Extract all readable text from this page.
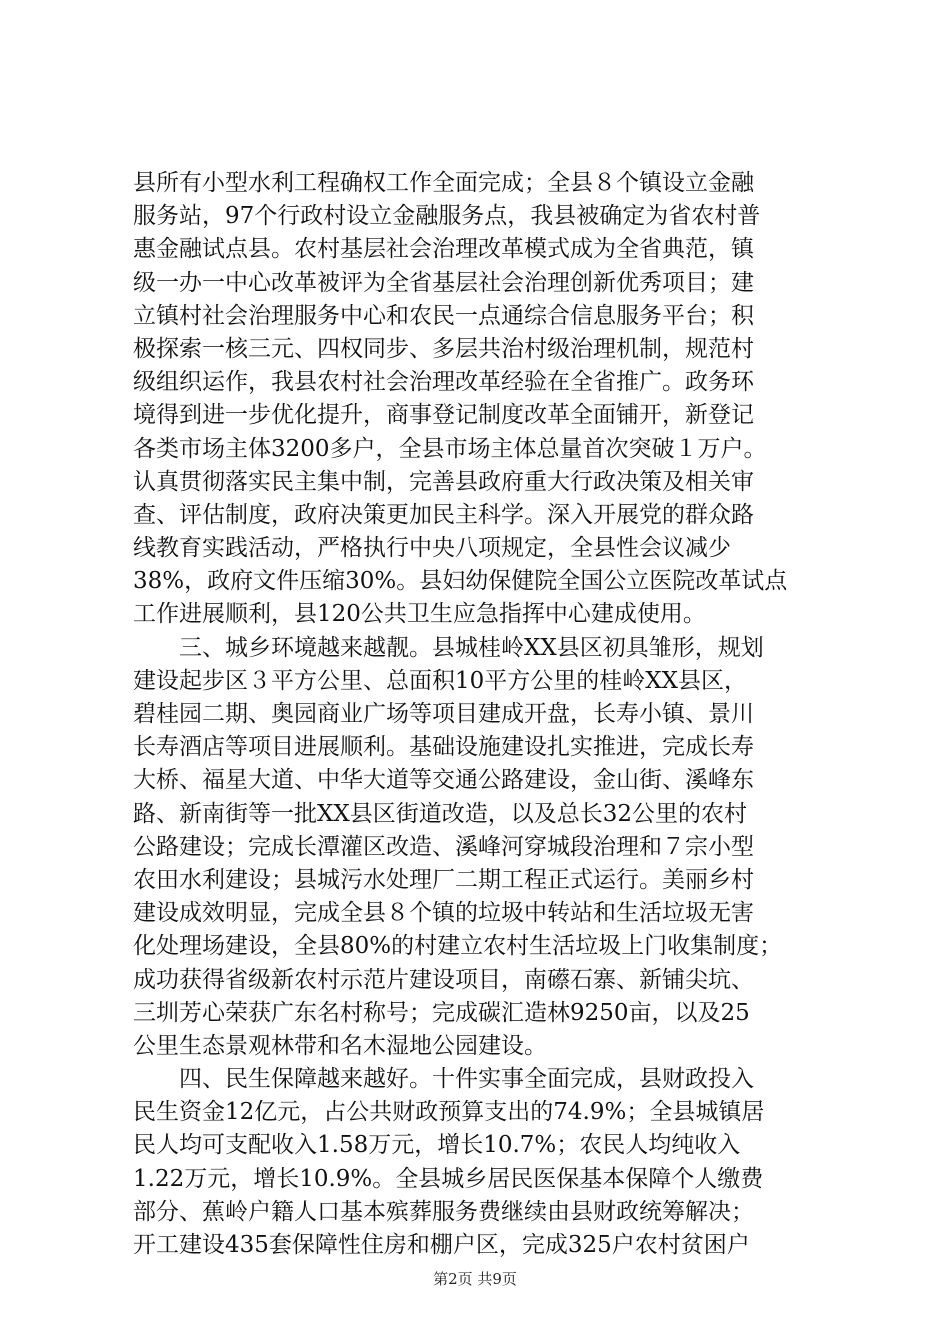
县所有小型水利工程确权工作全面完成；全县８个镇设立金融
服务站，97个行政村设立金融服务点，我县被确定为省农村普
惠金融试点县。农村基层社会治理改革模式成为全省典范，镇
级一办一中心改革被评为全省基层社会治理创新优秀项目；建
立镇村社会治理服务中心和农民一点通综合信息服务平台；积
极探索一核三元、四权同步、多层共治村级治理机制，规范村
级组织运作，我县农村社会治理改革经验在全省推广。政务环
境得到进一步优化提升，商事登记制度改革全面铺开，新登记
各类市场主体3200多户，全县市场主体总量首次突破１万户。
认真贯彻落实民主集中制，完善县政府重大行政决策及相关审
查、评估制度，政府决策更加民主科学。深入开展党的群众路
线教育实践活动，严格执行中央八项规定，全县性会议减少
38%，政府文件压缩30%。县妇幼保健院全国公立医院改革试点
工作进展顺利，县120公共卫生应急指挥中心建成使用。
　　三、城乡环境越来越靓。县城桂岭XX县区初具雏形，规划
建设起步区３平方公里、总面积10平方公里的桂岭XX县区，
碧桂园二期、奥园商业广场等项目建成开盘，长寿小镇、景川
长寿酒店等项目进展顺利。基础设施建设扎实推进，完成长寿
大桥、福星大道、中华大道等交通公路建设，金山街、溪峰东
路、新南街等一批XX县区街道改造，以及总长32公里的农村
公路建设；完成长潭灌区改造、溪峰河穿城段治理和７宗小型
农田水利建设；县城污水处理厂二期工程正式运行。美丽乡村
建设成效明显，完成全县８个镇的垃圾中转站和生活垃圾无害
化处理场建设，全县80%的村建立农村生活垃圾上门收集制度；
成功获得省级新农村示范片建设项目，南礤石寨、新铺尖坑、
三圳芳心荣获广东名村称号；完成碳汇造林9250亩，以及25
公里生态景观林带和名木湿地公园建设。
　　四、民生保障越来越好。十件实事全面完成，县财政投入
民生资金12亿元，占公共财政预算支出的74.9%；全县城镇居
民人均可支配收入1.58万元，增长10.7%；农民人均纯收入
1.22万元，增长10.9%。全县城乡居民医保基本保障个人缴费
部分、蕉岭户籍人口基本殡葬服务费继续由县财政统筹解决；
开工建设435套保障性住房和棚户区，完成325户农村贫困户
第2页 共9页
